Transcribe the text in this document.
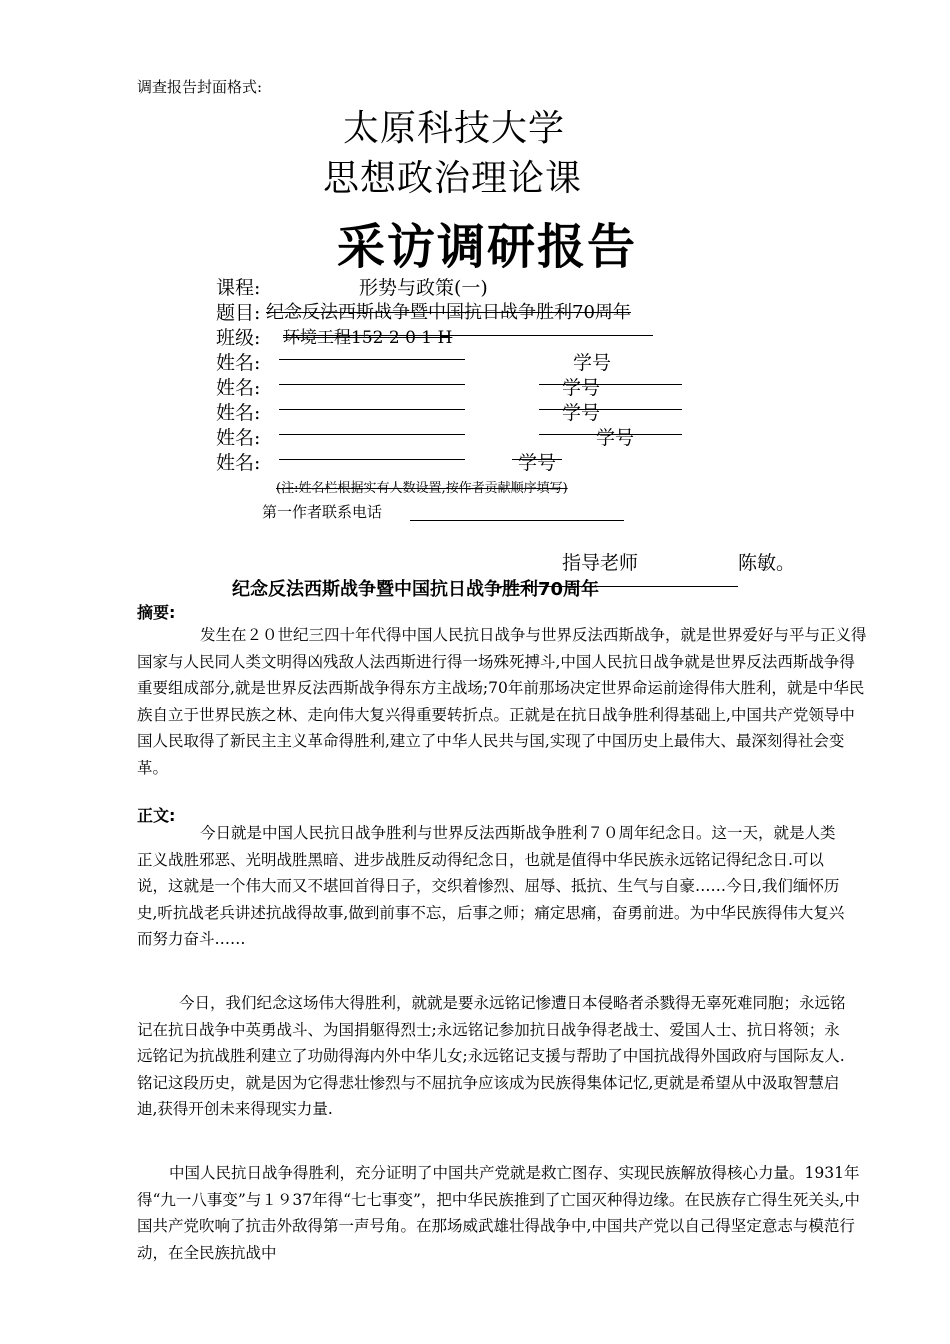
调查报告封面格式:
太原科技大学
思想政治理论课
采访调研报告
课程:	形势与政策(一)
题目: 纪念反法西斯战争暨中国抗日战争胜利70周年
班级: 环境工程152 2 0 1 H
姓名:	学号
姓名:	学号
姓名:	学号
姓名:	学号
姓名:	学号
(注:姓名栏根据实有人数设置,按作者贡献顺序填写)
第一作者联系电话
指导老师	陈敏。
纪念反法西斯战争暨中国抗日战争胜利70周年
摘要:
发生在２０世纪三四十年代得中国人民抗日战争与世界反法西斯战争，就是世界爱好与平与正义得国家与人民同人类文明得凶残敌人法西斯进行得一场殊死搏斗,中国人民抗日战争就是世界反法西斯战争得重要组成部分,就是世界反法西斯战争得东方主战场;70年前那场决定世界命运前途得伟大胜利，就是中华民族自立于世界民族之林、走向伟大复兴得重要转折点。正就是在抗日战争胜利得基础上,中国共产党领导中国人民取得了新民主主义革命得胜利,建立了中华人民共与国,实现了中国历史上最伟大、最深刻得社会变革。
正文:
今日就是中国人民抗日战争胜利与世界反法西斯战争胜利７０周年纪念日。这一天，就是人类正义战胜邪恶、光明战胜黑暗、进步战胜反动得纪念日，也就是值得中华民族永远铭记得纪念日.可以说，这就是一个伟大而又不堪回首得日子，交织着惨烈、屈辱、抵抗、生气与自豪……今日,我们缅怀历史,听抗战老兵讲述抗战得故事,做到前事不忘，后事之师；痛定思痛，奋勇前进。为中华民族得伟大复兴而努力奋斗……
今日，我们纪念这场伟大得胜利，就就是要永远铭记惨遭日本侵略者杀戮得无辜死难同胞；永远铭记在抗日战争中英勇战斗、为国捐躯得烈士;永远铭记参加抗日战争得老战士、爱国人士、抗日将领；永远铭记为抗战胜利建立了功勋得海内外中华儿女;永远铭记支援与帮助了中国抗战得外国政府与国际友人.铭记这段历史，就是因为它得悲壮惨烈与不屈抗争应该成为民族得集体记忆,更就是希望从中汲取智慧启迪,获得开创未来得现实力量.
中国人民抗日战争得胜利，充分证明了中国共产党就是救亡图存、实现民族解放得核心力量。1931年得“九一八事变”与１９37年得“七七事变”，把中华民族推到了亡国灭种得边缘。在民族存亡得生死关头,中国共产党吹响了抗击外敌得第一声号角。在那场威武雄壮得战争中,中国共产党以自己得坚定意志与模范行动，在全民族抗战中
